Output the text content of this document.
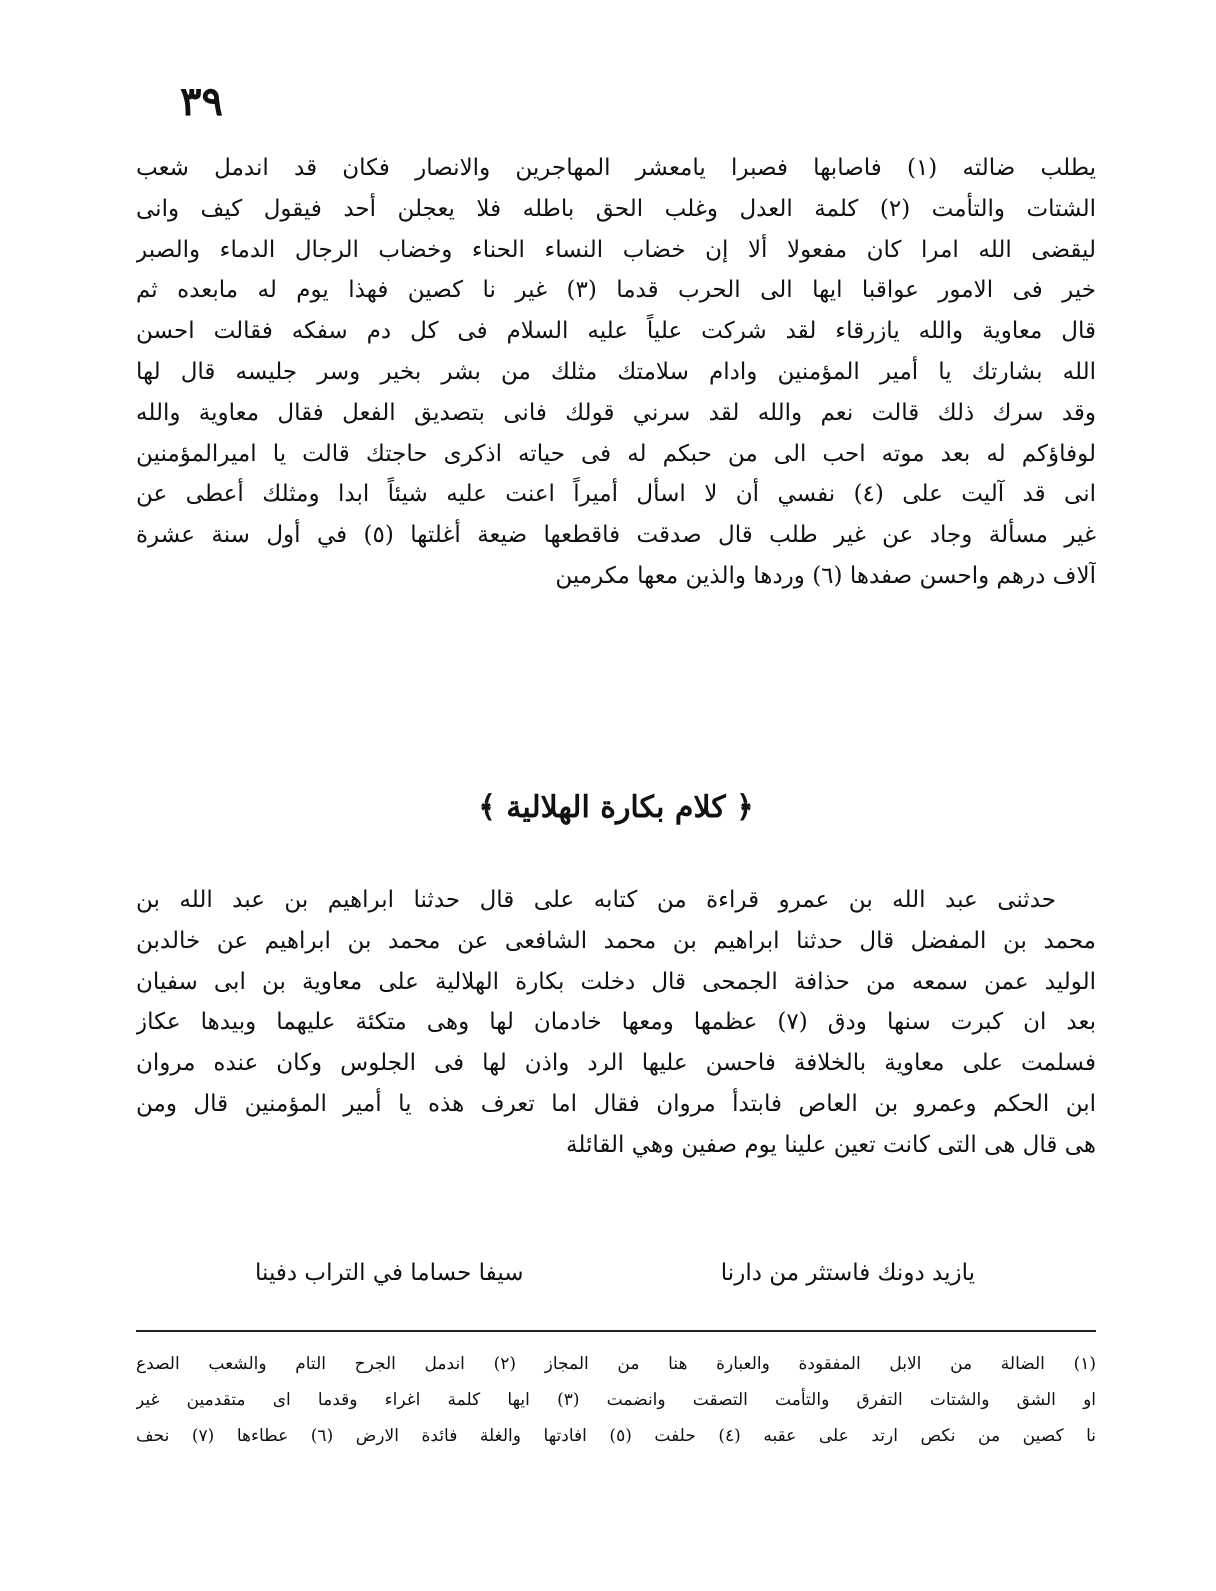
٣٩
يطلب ضالته (١) فاصابها فصبرا يامعشر المهاجرين والانصار فكان قد اندمل شعب
الشتات والتأمت (٢) كلمة العدل وغلب الحق باطله فلا يعجلن أحد فيقول كيف وانى
ليقضى الله امرا كان مفعولا ألا إن خضاب النساء الحناء وخضاب الرجال الدماء والصبر
خير فى الامور عواقبا ايها الى الحرب قدما (٣) غير نا كصين فهذا يوم له مابعده ثم
قال معاوية والله يازرقاء لقد شركت علياً عليه السلام فى كل دم سفكه فقالت احسن
الله بشارتك يا أمير المؤمنين وادام سلامتك مثلك من بشر بخير وسر جليسه قال لها
وقد سرك ذلك قالت نعم والله لقد سرني قولك فانى بتصديق الفعل فقال معاوية والله
لوفاؤكم له بعد موته احب الى من حبكم له فى حياته اذكرى حاجتك قالت يا اميرالمؤمنين
انى قد آليت على (٤) نفسي أن لا اسأل أميراً اعنت عليه شيئاً ابدا ومثلك أعطى عن
غير مسألة وجاد عن غير طلب قال صدقت فاقطعها ضيعة أغلتها (٥) في أول سنة عشرة
آلاف درهم واحسن صفدها (٦) وردها والذين معها مكرمين
﴿ كلام بكارة الهلالية ﴾
حدثنى عبد الله بن عمرو قراءة من كتابه على قال حدثنا ابراهيم بن عبد الله بن
محمد بن المفضل قال حدثنا ابراهيم بن محمد الشافعى عن محمد بن ابراهيم عن خالدبن
الوليد عمن سمعه من حذافة الجمحى قال دخلت بكارة الهلالية على معاوية بن ابى سفيان
بعد ان كبرت سنها ودق (٧) عظمها ومعها خادمان لها وهى متكئة عليهما وبيدها عكاز
فسلمت على معاوية بالخلافة فاحسن عليها الرد واذن لها فى الجلوس وكان عنده مروان
ابن الحكم وعمرو بن العاص فابتدأ مروان فقال اما تعرف هذه يا أمير المؤمنين قال ومن
هى قال هى التى كانت تعين علينا يوم صفين وهي القائلة
يازيد دونك فاستثر من دارنا
سيفا حساما في التراب دفينا
(١) الضالة من الابل المفقودة والعبارة هنا من المجاز (٢) اندمل الجرح التام والشعب الصدع
او الشق والشتات التفرق والتأمت التصقت وانضمت (٣) ايها كلمة اغراء وقدما اى متقدمين غير
نا كصين من نكص ارتد على عقبه (٤) حلفت (٥) افادتها والغلة فائدة الارض (٦) عطاءها (٧) نحف
